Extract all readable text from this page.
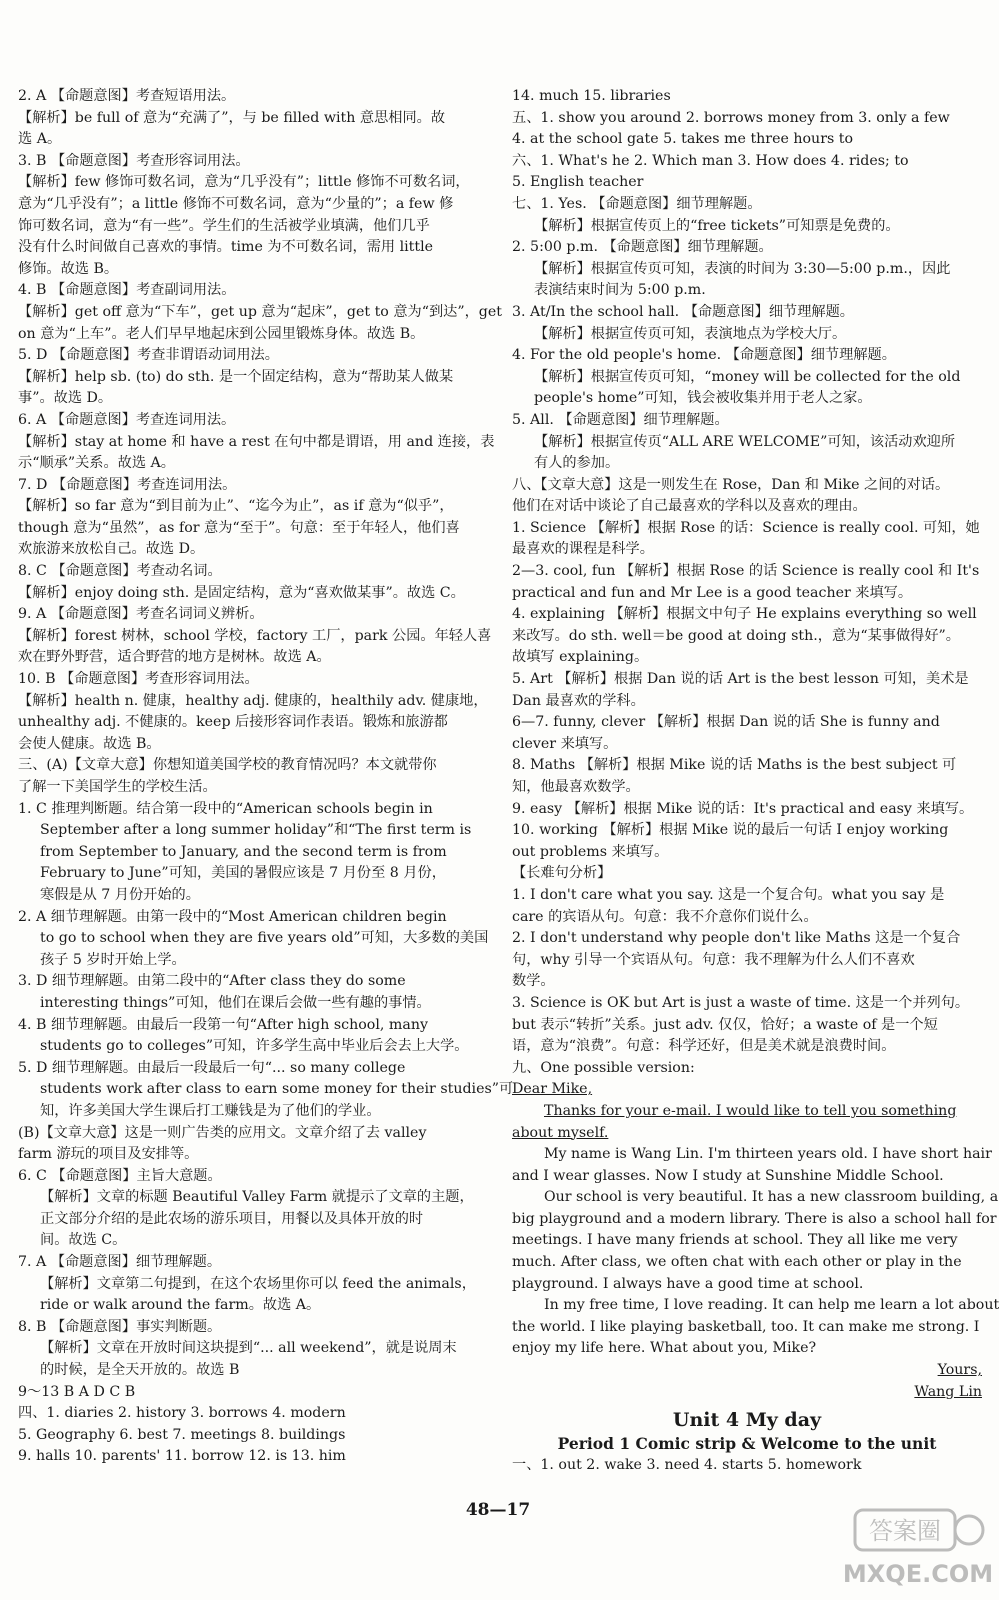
2. A 【命题意图】考查短语用法。
【解析】be full of 意为“充满了”，与 be filled with 意思相同。故
选 A。
3. B 【命题意图】考查形容词用法。
【解析】few 修饰可数名词，意为“几乎没有”；little 修饰不可数名词，
意为“几乎没有”；a little 修饰不可数名词，意为“少量的”；a few 修
饰可数名词，意为“有一些”。学生们的生活被学业填满，他们几乎
没有什么时间做自己喜欢的事情。time 为不可数名词，需用 little
修饰。故选 B。
4. B 【命题意图】考查副词用法。
【解析】get off 意为“下车”，get up 意为“起床”，get to 意为“到达”，get
on 意为“上车”。老人们早早地起床到公园里锻炼身体。故选 B。
5. D 【命题意图】考查非谓语动词用法。
【解析】help sb. (to) do sth. 是一个固定结构，意为“帮助某人做某
事”。故选 D。
6. A 【命题意图】考查连词用法。
【解析】stay at home 和 have a rest 在句中都是谓语，用 and 连接，表
示“顺承”关系。故选 A。
7. D 【命题意图】考查连词用法。
【解析】so far 意为“到目前为止”、“迄今为止”，as if 意为“似乎”，
though 意为“虽然”，as for 意为“至于”。句意：至于年轻人，他们喜
欢旅游来放松自己。故选 D。
8. C 【命题意图】考查动名词。
【解析】enjoy doing sth. 是固定结构，意为“喜欢做某事”。故选 C。
9. A 【命题意图】考查名词词义辨析。
【解析】forest 树林，school 学校，factory 工厂，park 公园。年轻人喜
欢在野外野营，适合野营的地方是树林。故选 A。
10. B 【命题意图】考查形容词用法。
【解析】health n. 健康，healthy adj. 健康的，healthily adv. 健康地，
unhealthy adj. 不健康的。keep 后接形容词作表语。锻炼和旅游都
会使人健康。故选 B。
三、(A)【文章大意】你想知道美国学校的教育情况吗？本文就带你
了解一下美国学生的学校生活。
1. C 推理判断题。结合第一段中的“American schools begin in
September after a long summer holiday”和“The first term is
from September to January, and the second term is from
February to June”可知，美国的暑假应该是 7 月份至 8 月份，
寒假是从 7 月份开始的。
2. A 细节理解题。由第一段中的“Most American children begin
to go to school when they are five years old”可知，大多数的美国
孩子 5 岁时开始上学。
3. D 细节理解题。由第二段中的“After class they do some
interesting things”可知，他们在课后会做一些有趣的事情。
4. B 细节理解题。由最后一段第一句“After high school, many
students go to colleges”可知，许多学生高中毕业后会去上大学。
5. D 细节理解题。由最后一段最后一句“... so many college
students work after class to earn some money for their studies”可
知，许多美国大学生课后打工赚钱是为了他们的学业。
(B)【文章大意】这是一则广告类的应用文。文章介绍了去 valley
farm 游玩的项目及安排等。
6. C 【命题意图】主旨大意题。
【解析】文章的标题 Beautiful Valley Farm 就提示了文章的主题，
正文部分介绍的是此农场的游乐项目，用餐以及具体开放的时
间。故选 C。
7. A 【命题意图】细节理解题。
【解析】文章第二句提到，在这个农场里你可以 feed the animals，
ride or walk around the farm。故选 A。
8. B 【命题意图】事实判断题。
【解析】文章在开放时间这块提到“... all weekend”，就是说周末
的时候，是全天开放的。故选 B
9～13 B A D C B
四、1. diaries 2. history 3. borrows 4. modern
5. Geography 6. best 7. meetings 8. buildings
9. halls 10. parents' 11. borrow 12. is 13. him
14. much 15. libraries
五、1. show you around 2. borrows money from 3. only a few
4. at the school gate 5. takes me three hours to
六、1. What's he 2. Which man 3. How does 4. rides; to
5. English teacher
七、1. Yes. 【命题意图】细节理解题。
【解析】根据宣传页上的“free tickets”可知票是免费的。
2. 5:00 p.m. 【命题意图】细节理解题。
【解析】根据宣传页可知，表演的时间为 3:30—5:00 p.m.，因此
表演结束时间为 5:00 p.m.
3. At/In the school hall. 【命题意图】细节理解题。
【解析】根据宣传页可知，表演地点为学校大厅。
4. For the old people's home. 【命题意图】细节理解题。
【解析】根据宣传页可知，“money will be collected for the old
people's home”可知，钱会被收集并用于老人之家。
5. All. 【命题意图】细节理解题。
【解析】根据宣传页“ALL ARE WELCOME”可知，该活动欢迎所
有人的参加。
八、【文章大意】这是一则发生在 Rose，Dan 和 Mike 之间的对话。
他们在对话中谈论了自己最喜欢的学科以及喜欢的理由。
1. Science 【解析】根据 Rose 的话：Science is really cool. 可知，她
最喜欢的课程是科学。
2—3. cool, fun 【解析】根据 Rose 的话 Science is really cool 和 It's
practical and fun and Mr Lee is a good teacher 来填写。
4. explaining 【解析】根据文中句子 He explains everything so well
来改写。do sth. well＝be good at doing sth.，意为“某事做得好”。
故填写 explaining。
5. Art 【解析】根据 Dan 说的话 Art is the best lesson 可知，美术是
Dan 最喜欢的学科。
6—7. funny, clever 【解析】根据 Dan 说的话 She is funny and
clever 来填写。
8. Maths 【解析】根据 Mike 说的话 Maths is the best subject 可
知，他最喜欢数学。
9. easy 【解析】根据 Mike 说的话：It's practical and easy 来填写。
10. working 【解析】根据 Mike 说的最后一句话 I enjoy working
out problems 来填写。
【长难句分析】
1. I don't care what you say. 这是一个复合句。what you say 是
care 的宾语从句。句意：我不介意你们说什么。
2. I don't understand why people don't like Maths 这是一个复合
句，why 引导一个宾语从句。句意：我不理解为什么人们不喜欢
数学。
3. Science is OK but Art is just a waste of time. 这是一个并列句。
but 表示“转折”关系。just adv. 仅仅，恰好；a waste of 是一个短
语，意为“浪费”。句意：科学还好，但是美术就是浪费时间。
九、One possible version:
Dear Mike,
Thanks for your e-mail. I would like to tell you something
about myself.
My name is Wang Lin. I'm thirteen years old. I have short hair
and I wear glasses. Now I study at Sunshine Middle School.
Our school is very beautiful. It has a new classroom building, a
big playground and a modern library. There is also a school hall for
meetings. I have many friends at school. They all like me very
much. After class, we often chat with each other or play in the
playground. I always have a good time at school.
In my free time, I love reading. It can help me learn a lot about
the world. I like playing basketball, too. It can make me strong. I
enjoy my life here. What about you, Mike?
Yours,
Wang Lin
Unit 4 My day
Period 1 Comic strip & Welcome to the unit
一、1. out 2. wake 3. need 4. starts 5. homework
48—17
答案圈
MXQE.COM
